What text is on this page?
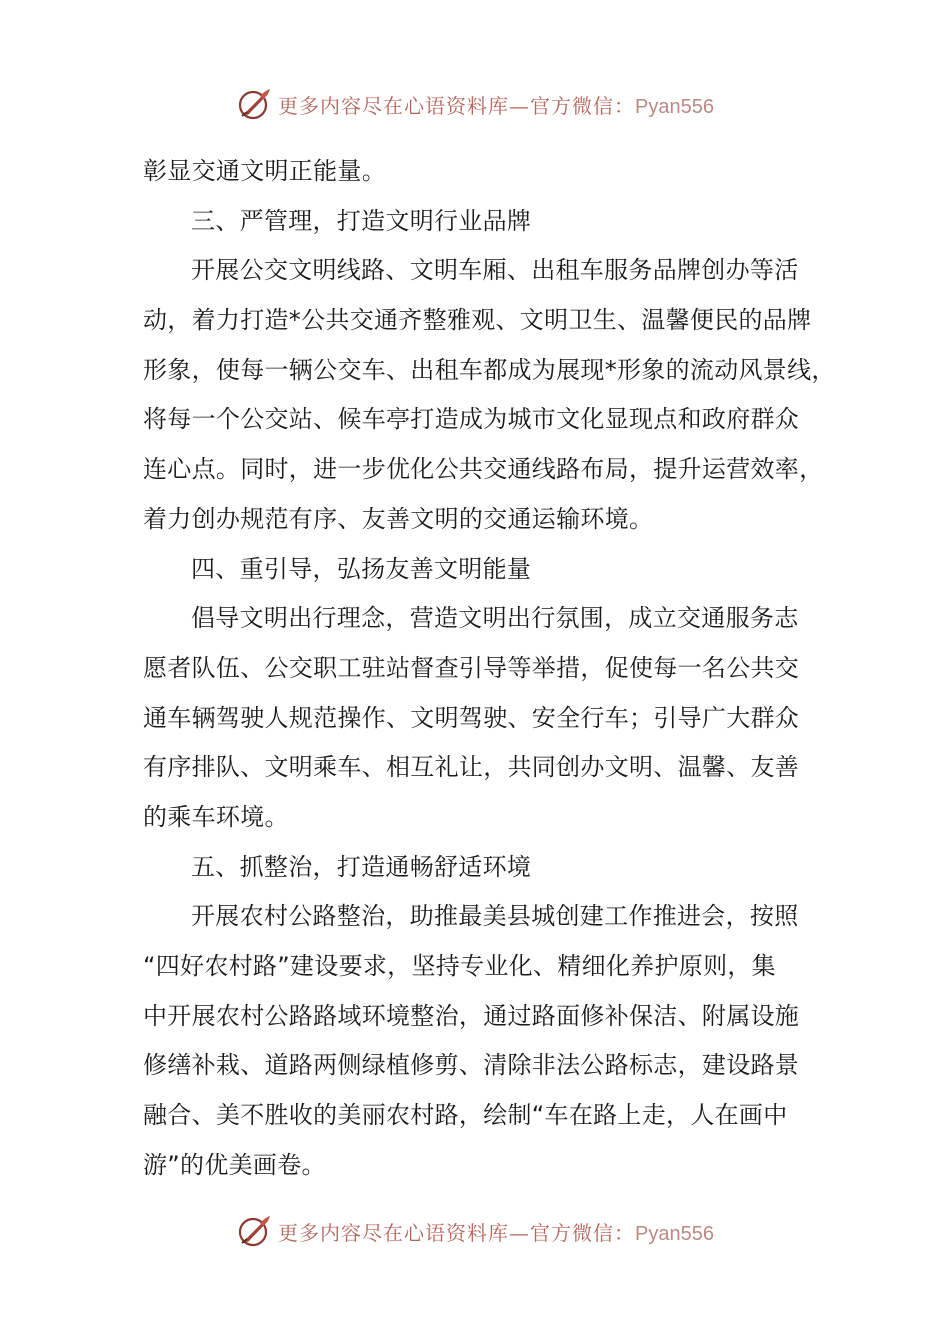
更多内容尽在心语资料库—官方微信：Pyan556
彰显交通文明正能量。
三、严管理，打造文明行业品牌
开展公交文明线路、文明车厢、出租车服务品牌创办等活
动，着力打造*公共交通齐整雅观、文明卫生、温馨便民的品牌
形象，使每一辆公交车、出租车都成为展现*形象的流动风景线，
将每一个公交站、候车亭打造成为城市文化显现点和政府群众
连心点。同时，进一步优化公共交通线路布局，提升运营效率，
着力创办规范有序、友善文明的交通运输环境。
四、重引导，弘扬友善文明能量
倡导文明出行理念，营造文明出行氛围，成立交通服务志
愿者队伍、公交职工驻站督查引导等举措，促使每一名公共交
通车辆驾驶人规范操作、文明驾驶、安全行车；引导广大群众
有序排队、文明乘车、相互礼让，共同创办文明、温馨、友善
的乘车环境。
五、抓整治，打造通畅舒适环境
开展农村公路整治，助推最美县城创建工作推进会，按照
“四好农村路”建设要求，坚持专业化、精细化养护原则，集
中开展农村公路路域环境整治，通过路面修补保洁、附属设施
修缮补栽、道路两侧绿植修剪、清除非法公路标志，建设路景
融合、美不胜收的美丽农村路，绘制“车在路上走，人在画中
游”的优美画卷。
更多内容尽在心语资料库—官方微信：Pyan556
